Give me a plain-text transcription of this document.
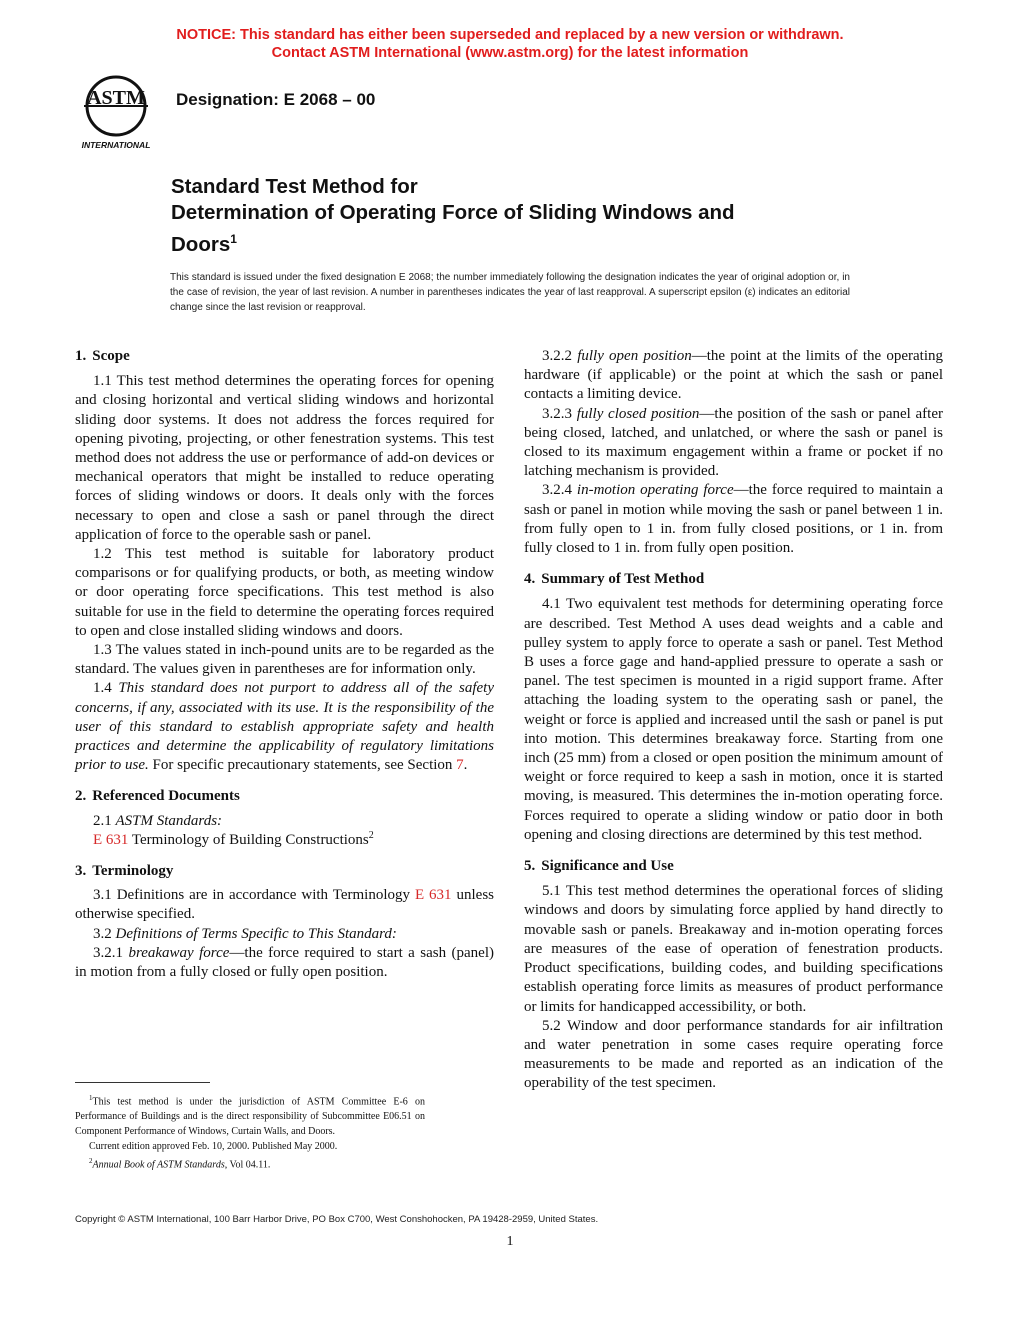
NOTICE: This standard has either been superseded and replaced by a new version or withdrawn.
Contact ASTM International (www.astm.org) for the latest information
ASTM
INTERNATIONAL
Designation: E 2068 – 00
Standard Test Method for
Determination of Operating Force of Sliding Windows and
Doors$^1$
This standard is issued under the fixed designation E 2068; the number immediately following the designation indicates the year of original adoption or, in the case of revision, the year of last revision. A number in parentheses indicates the year of last reapproval. A superscript epsilon (ε) indicates an editorial change since the last revision or reapproval.
1. Scope

1.1 This test method determines the operating forces for opening and closing horizontal and vertical sliding windows and horizontal sliding door systems. It does not address the forces required for opening pivoting, projecting, or other fenestration systems. This test method does not address the use or performance of add-on devices or mechanical operators that might be installed to reduce operating forces of sliding windows or doors. It deals only with the forces necessary to open and close a sash or panel through the direct application of force to the operable sash or panel.

1.2 This test method is suitable for laboratory product comparisons or for qualifying products, or both, as meeting window or door operating force specifications. This test method is also suitable for use in the field to determine the operating forces required to open and close installed sliding windows and doors.

1.3 The values stated in inch-pound units are to be regarded as the standard. The values given in parentheses are for information only.

1.4 This standard does not purport to address all of the safety concerns, if any, associated with its use. It is the responsibility of the user of this standard to establish appropriate safety and health practices and determine the applicability of regulatory limitations prior to use. For specific precautionary statements, see Section 7.

2. Referenced Documents

2.1 ASTM Standards:

E 631 Terminology of Building Constructions$^2$

3. Terminology

3.1 Definitions are in accordance with Terminology E 631 unless otherwise specified.

3.2 Definitions of Terms Specific to This Standard:

3.2.1 breakaway force—the force required to start a sash (panel) in motion from a fully closed or fully open position.

3.2.2 fully open position—the point at the limits of the operating hardware (if applicable) or the point at which the sash or panel contacts a limiting device.

3.2.3 fully closed position—the position of the sash or panel after being closed, latched, and unlatched, or where the sash or panel is closed to its maximum engagement within a frame or pocket if no latching mechanism is provided.

3.2.4 in-motion operating force—the force required to maintain a sash or panel in motion while moving the sash or panel between 1 in. from fully open to 1 in. from fully closed positions, or 1 in. from fully closed to 1 in. from fully open position.

4. Summary of Test Method

4.1 Two equivalent test methods for determining operating force are described. Test Method A uses dead weights and a cable and pulley system to apply force to operate a sash or panel. Test Method B uses a force gage and hand-applied pressure to operate a sash or panel. The test specimen is mounted in a rigid support frame. After attaching the loading system to the operating sash or panel, the weight or force is applied and increased until the sash or panel is put into motion. This determines breakaway force. Starting from one inch (25 mm) from a closed or open position the minimum amount of weight or force required to keep a sash in motion, once it is started moving, is measured. This determines the in-motion operating force. Forces required to operate a sliding window or patio door in both opening and closing directions are determined by this test method.

5. Significance and Use

5.1 This test method determines the operational forces of sliding windows and doors by simulating force applied by hand directly to movable sash or panels. Breakaway and in-motion operating forces are measures of the ease of operation of fenestration products. Product specifications, building codes, and building specifications establish operating force limits as measures of product performance or limits for handicapped accessibility, or both.

5.2 Window and door performance standards for air infiltration and water penetration in some cases require operating force measurements to be made and reported as an indication of the operability of the test specimen.

$^1$This test method is under the jurisdiction of ASTM Committee E-6 on Performance of Buildings and is the direct responsibility of Subcommittee E06.51 on Component Performance of Windows, Curtain Walls, and Doors.

Current edition approved Feb. 10, 2000. Published May 2000.

$^2$Annual Book of ASTM Standards, Vol 04.11.

Copyright © ASTM International, 100 Barr Harbor Drive, PO Box C700, West Conshohocken, PA 19428-2959, United States.
1
